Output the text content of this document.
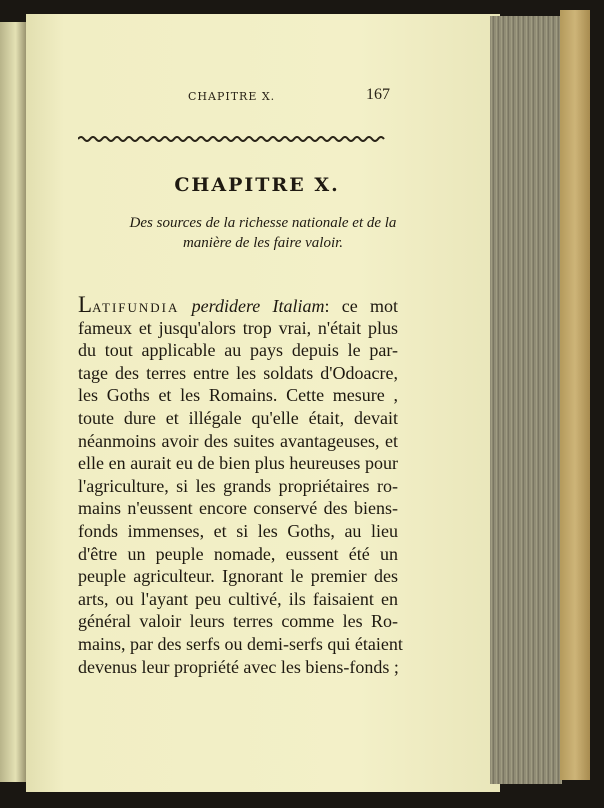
CHAPITRE X.	167
CHAPITRE X.
Des sources de la richesse nationale et de la
manière de les faire valoir.
LATIFUNDIA perdidere Italiam: ce mot
fameux et jusqu'alors trop vrai, n'était plus
du tout applicable au pays depuis le par-
tage des terres entre les soldats d'Odoacre,
les Goths et les Romains. Cette mesure ,
toute dure et illégale qu'elle était, devait
néanmoins avoir des suites avantageuses, et
elle en aurait eu de bien plus heureuses pour
l'agriculture, si les grands propriétaires ro-
mains n'eussent encore conservé des biens-
fonds immenses, et si les Goths, au lieu
d'être un peuple nomade, eussent été un
peuple agriculteur. Ignorant le premier des
arts, ou l'ayant peu cultivé, ils faisaient en
général valoir leurs terres comme les Ro-
mains, par des serfs ou demi-serfs qui étaient
devenus leur propriété avec les biens-fonds ;
